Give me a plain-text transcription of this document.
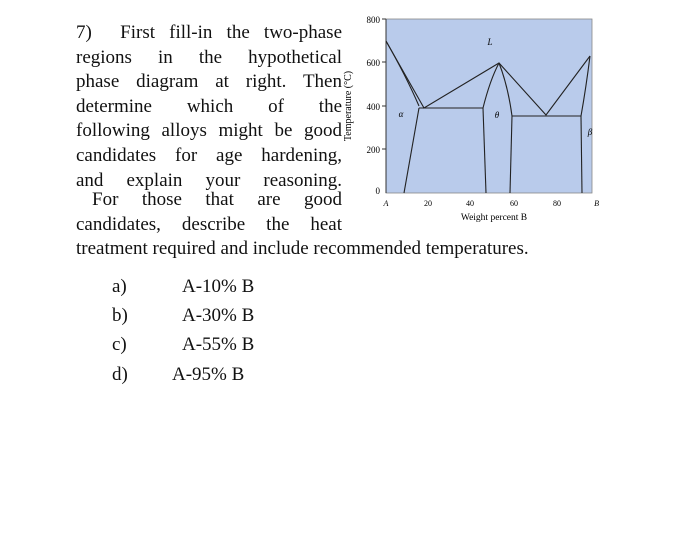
7) First fill-in the two-phase
regions in the hypothetical
phase diagram at right. Then
determine which of the
following alloys might be good
candidates for age hardening,
and explain your reasoning.
For those that are good
candidates, describe the heat
treatment required and include recommended temperatures.
a)	A-10% B
b)	A-30% B
c)	A-55% B
d) A-95% B
800
600
400
200
0
Temperature (°C)
A	20	40	60	80	B
Weight percent B
L
α	θ
β
